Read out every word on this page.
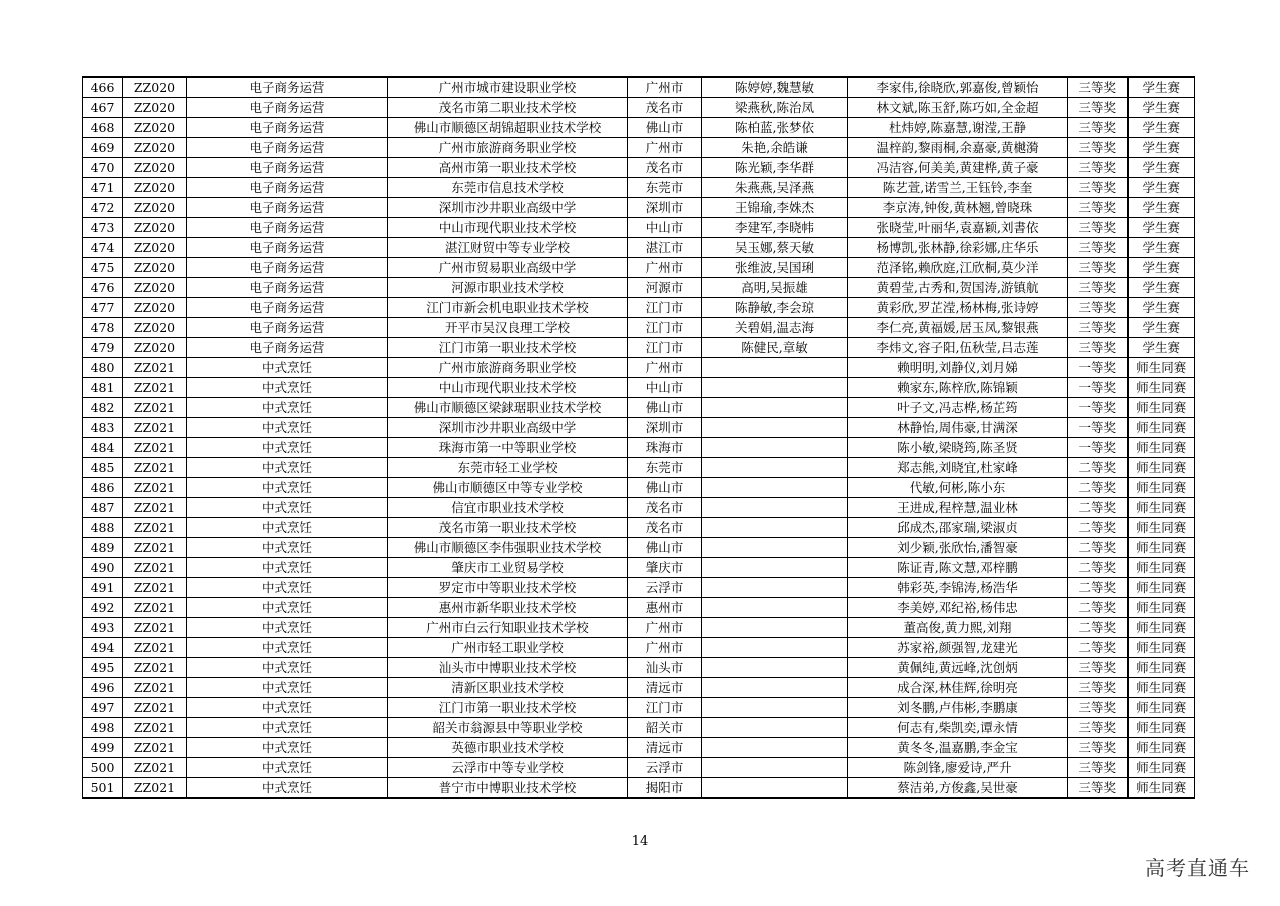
466	ZZ020	电子商务运营	广州市城市建设职业学校	广州市	陈婷婷,魏慧敏	李家伟,徐晓欣,郭嘉俊,曾颖怡	三等奖	学生赛
467	ZZ020	电子商务运营	茂名市第二职业技术学校	茂名市	梁燕秋,陈治凤	林文斌,陈玉舒,陈巧如,全金超	三等奖	学生赛
468	ZZ020	电子商务运营	佛山市顺德区胡锦超职业技术学校	佛山市	陈柏蓝,张梦依	杜炜婷,陈嘉慧,谢滢,王静	三等奖	学生赛
469	ZZ020	电子商务运营	广州市旅游商务职业学校	广州市	朱艳,余皓谦	温梓韵,黎雨桐,余嘉豪,黄樾漪	三等奖	学生赛
470	ZZ020	电子商务运营	高州市第一职业技术学校	茂名市	陈光颖,李华群	冯洁容,何美美,黄建桦,黄子豪	三等奖	学生赛
471	ZZ020	电子商务运营	东莞市信息技术学校	东莞市	朱燕燕,吴泽燕	陈艺萱,诺雪兰,王钰铃,李奎	三等奖	学生赛
472	ZZ020	电子商务运营	深圳市沙井职业高级中学	深圳市	王锦瑜,李姝杰	李京涛,钟俊,黄林翘,曾晓珠	三等奖	学生赛
473	ZZ020	电子商务运营	中山市现代职业技术学校	中山市	李建军,李晓帏	张晓莹,叶丽华,袁嘉颖,刘書依	三等奖	学生赛
474	ZZ020	电子商务运营	湛江财贸中等专业学校	湛江市	吴玉娜,蔡天敏	杨博凯,张林静,徐彩娜,庄华乐	三等奖	学生赛
475	ZZ020	电子商务运营	广州市贸易职业高级中学	广州市	张维波,吴国琍	范泽铭,赖欣庭,江欣桐,莫少洋	三等奖	学生赛
476	ZZ020	电子商务运营	河源市职业技术学校	河源市	高明,吴振雄	黄碧莹,古秀和,贺国涛,游镇航	三等奖	学生赛
477	ZZ020	电子商务运营	江门市新会机电职业技术学校	江门市	陈静敏,李会琼	黄彩欣,罗芷滢,杨林梅,张诗婷	三等奖	学生赛
478	ZZ020	电子商务运营	开平市吴汉良理工学校	江门市	关碧娟,温志海	李仁亮,黄福媛,居玉凤,黎银燕	三等奖	学生赛
479	ZZ020	电子商务运营	江门市第一职业技术学校	江门市	陈健民,章敏	李炜文,容子阳,伍秋莹,吕志莲	三等奖	学生赛
480	ZZ021	中式烹饪	广州市旅游商务职业学校	广州市		赖明明,刘静仪,刘月娣	一等奖	师生同赛
481	ZZ021	中式烹饪	中山市现代职业技术学校	中山市		赖家东,陈梓欣,陈锦颖	一等奖	师生同赛
482	ZZ021	中式烹饪	佛山市顺德区梁銶琚职业技术学校	佛山市		叶子文,冯志桦,杨芷筠	一等奖	师生同赛
483	ZZ021	中式烹饪	深圳市沙井职业高级中学	深圳市		林静怡,周伟豪,甘满深	一等奖	师生同赛
484	ZZ021	中式烹饪	珠海市第一中等职业学校	珠海市		陈小敏,梁晓筠,陈圣贤	一等奖	师生同赛
485	ZZ021	中式烹饪	东莞市轻工业学校	东莞市		郑志熊,刘晓宜,杜家峰	二等奖	师生同赛
486	ZZ021	中式烹饪	佛山市顺德区中等专业学校	佛山市		代敏,何彬,陈小东	二等奖	师生同赛
487	ZZ021	中式烹饪	信宜市职业技术学校	茂名市		王进成,程梓慧,温业林	二等奖	师生同赛
488	ZZ021	中式烹饪	茂名市第一职业技术学校	茂名市		邱成杰,邵家瑞,梁淑贞	二等奖	师生同赛
489	ZZ021	中式烹饪	佛山市顺德区李伟强职业技术学校	佛山市		刘少颖,张欣怡,潘智豪	二等奖	师生同赛
490	ZZ021	中式烹饪	肇庆市工业贸易学校	肇庆市		陈证青,陈文慧,邓梓鹏	二等奖	师生同赛
491	ZZ021	中式烹饪	罗定市中等职业技术学校	云浮市		韩彩英,李锦涛,杨浩华	二等奖	师生同赛
492	ZZ021	中式烹饪	惠州市新华职业技术学校	惠州市		李美婷,邓纪裕,杨伟忠	二等奖	师生同赛
493	ZZ021	中式烹饪	广州市白云行知职业技术学校	广州市		董高俊,黄力熙,刘翔	二等奖	师生同赛
494	ZZ021	中式烹饪	广州市轻工职业学校	广州市		苏家裕,颜强智,龙建光	二等奖	师生同赛
495	ZZ021	中式烹饪	汕头市中博职业技术学校	汕头市		黄佩纯,黄远峰,沈创炳	三等奖	师生同赛
496	ZZ021	中式烹饪	清新区职业技术学校	清远市		成合深,林佳辉,徐明亮	三等奖	师生同赛
497	ZZ021	中式烹饪	江门市第一职业技术学校	江门市		刘冬鹏,卢伟彬,李鹏康	三等奖	师生同赛
498	ZZ021	中式烹饪	韶关市翁源县中等职业学校	韶关市		何志有,柴凯奕,谭永情	三等奖	师生同赛
499	ZZ021	中式烹饪	英德市职业技术学校	清远市		黄冬冬,温嘉鹏,李金宝	三等奖	师生同赛
500	ZZ021	中式烹饪	云浮市中等专业学校	云浮市		陈剑锋,廖爱诗,严升	三等奖	师生同赛
501	ZZ021	中式烹饪	普宁市中博职业技术学校	揭阳市		蔡洁弟,方俊鑫,吴世豪	三等奖	师生同赛
14
高考直通车
